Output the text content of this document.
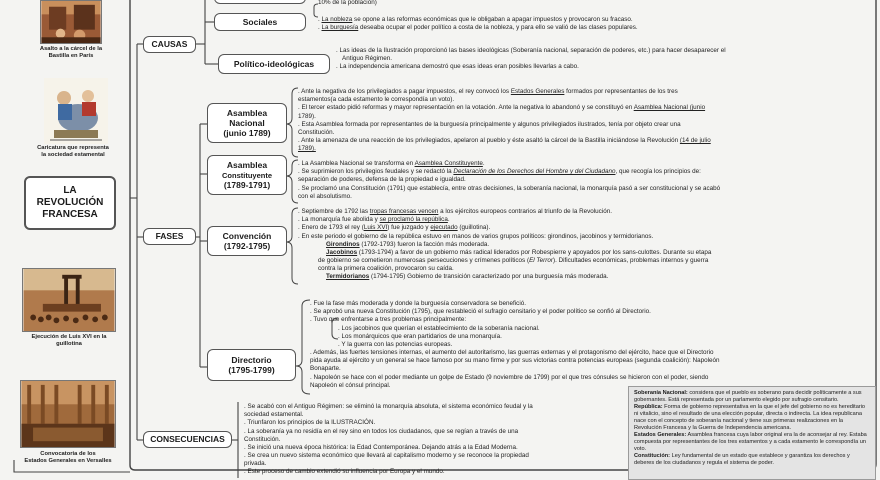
LA
REVOLUCIÓN
FRANCESA
CAUSAS
FASES
CONSECUENCIAS

10% de la población)

Sociales	. La nobleza se opone a las reformas económicas que le obligaban a apagar impuestos y provocaron su fracaso.

. La burguesía deseaba ocupar el poder político a costa de la nobleza, y para ello se valió de las clases populares.

Político-ideológicas

. Las ideas de la Ilustración proporcionó las bases ideológicas (Soberanía nacional, separación de poderes, etc.) para hacer desaparecer el

Antiguo Régimen.

. La independencia americana demostró que esas ideas eran posibles llevarlas a cabo.

Asamblea Nacional
(junio 1789)

. Ante la negativa de los privilegiados a pagar impuestos, el rey convocó los Estados Generales formados por representantes de los tres

estamentos(a cada estamento le correspondía un voto).

. El tercer estado pidió reformas y mayor representación en la votación. Ante la negativa lo abandonó y se constituyó en Asamblea Nacional (junio

1789).

. Esta Asamblea formada por representantes de la burguesía principalmente y algunos privilegiados ilustrados, tenía por objeto crear una

Constitución.

. Ante la amenaza de una reacción de los privilegiados, apelaron al pueblo y éste asaltó la cárcel de la Bastilla iniciándose la Revolución (14 de julio

1789).

Asamblea
Constituyente
(1789-1791)

. La Asamblea Nacional se transforma en Asamblea Constituyente.

. Se suprimieron los privilegios feudales y se redactó la Declaración de los Derechos del Hombre y del Ciudadano, que recogía los principios de:

separación de poderes, defensa de la propiedad e igualdad.

. Se proclamó una Constitución (1791) que establecía, entre otras decisiones, la soberanía nacional, la monarquía pasó a ser constitucional y se acabó

con el absolutismo.

Convención
(1792-1795)

. Septiembre de 1792 las tropas francesas vencen a los ejércitos europeos contrarios al triunfo de la Revolución.

. La monarquía fue abolida y se proclamó la república.

. Enero de 1793 el rey (Luis XVI) fue juzgado y ejecutado (guillotina).

. En este periodo el gobierno de la república estuvo en manos de varios grupos políticos: girondinos, jacobinos y termidorianos.

Girondinos (1792-1793) fueron la facción más moderada.

Jacobinos (1793-1794) a favor de un gobierno más radical liderados por Robespierre y apoyados por los sans-culottes. Durante su etapa

de gobierno se cometieron numerosas persecuciones y crímenes políticos (El Terror). Dificultades económicas, problemas internos y guerra

contra la primera coalición, provocaron su caída.

Termidorianos (1794-1795) Gobierno de transición caracterizado por una burguesía más moderada.

Directorio
(1795-1799)

. Fue la fase más moderada y donde la burguesía conservadora se benefició.

. Se aprobó una nueva Constitución (1795), que restableció el sufragio censitario y el poder político se confió al Directorio.

. Tuvo que enfrentarse a tres problemas principalmente:

. Los jacobinos que querían el establecimiento de la soberanía nacional.

. Los monárquicos que eran partidarios de una monarquía.

. Y la guerra con las potencias europeas.

. Además, las fuertes tensiones internas, el aumento del autoritarismo, las guerras externas y el protagonismo del ejército, hace que el Directorio

pida ayuda al ejército y un general se hace famoso por su mano firme y por sus victorias contra potencias europeas (segunda coalición): Napoleón

Bonaparte.

. Napoleón se hace con el poder mediante un golpe de Estado (9 noviembre de 1799) por el que tres cónsules se hicieron con el poder, siendo

Napoleón el cónsul principal.

. Se acabó con el Antiguo Régimen: se eliminó la monarquía absoluta, el sistema económico feudal y la

sociedad estamental.

. Triunfaron los principios de la ILUSTRACIÓN.

. La soberanía ya no residía en el rey sino en todos los ciudadanos, que se regían a través de una

Constitución.

. Se inició una nueva época histórica: la Edad Contemporánea. Dejando atrás a la Edad Moderna.

. Se crea un nuevo sistema económico que llevará al capitalismo moderno y se reconoce la propiedad

privada.

. Este proceso de cambio extendió su influencia por Europa y el mundo.

Soberanía Nacional: considera que el pueblo es soberano para decidir políticamente a sus gobernantes. Está representada por un parlamento elegido por sufragio censitario.

República: Forma de gobierno representativa en la que el jefe del gobierno no es hereditario ni vitalicio, sino el resultado de una elección popular, directa o indirecta. La idea republicana nace con el concepto de soberanía nacional y tiene sus primeras realizaciones en la Revolución Francesa y la Guerra de Independencia americana.

Estados Generales: Asamblea francesa cuya labor original era la de aconsejar al rey. Estaba compuesta por representantes de los tres estamentos y a cada estamento le correspondía un voto.

Constitución: Ley fundamental de un estado que establece y garantiza los derechos y deberes de los ciudadanos y regula el sistema de poder.

Asalto a la cárcel de la
Bastilla en París
Caricatura que representa
la sociedad estamental
Ejecución de Luis XVI en la
guillotina
Convocatoria de los
Estados Generales en Versalles
